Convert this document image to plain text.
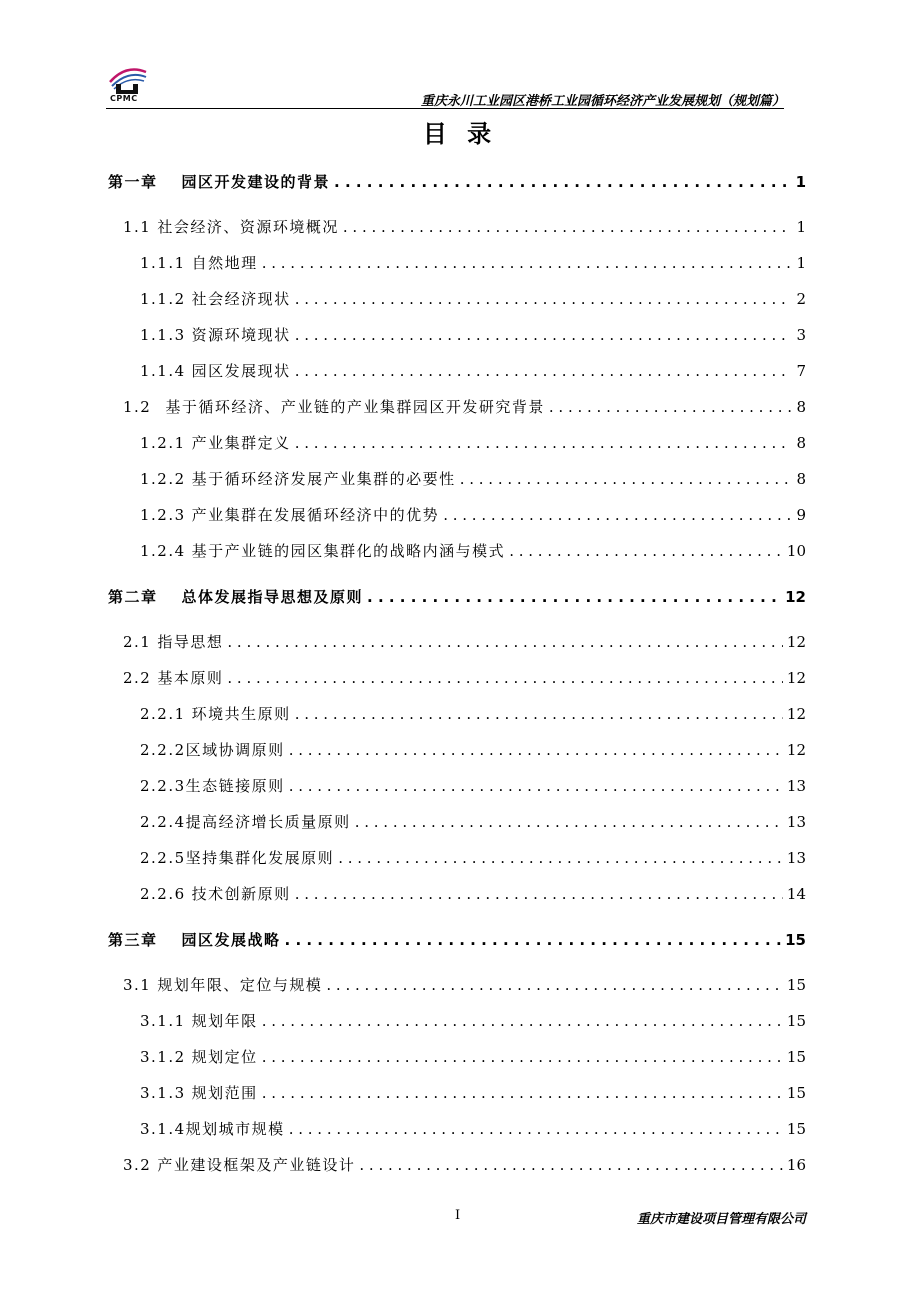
CPMC	重庆永川工业园区港桥工业园循环经济产业发展规划（规划篇）
目 录
第一章 园区开发建设的背景 . . .	1
1.1 社会经济、资源环境概况 . . .	1
1.1.1 自然地理 . . .	1
1.1.2 社会经济现状 . . .	2
1.1.3 资源环境现状 . . .	3
1.1.4 园区发展现状 . . .	7
1.2 基于循环经济、产业链的产业集群园区开发研究背景 . . .	8
1.2.1 产业集群定义 . . .	8
1.2.2 基于循环经济发展产业集群的必要性 . . .	8
1.2.3 产业集群在发展循环经济中的优势 . . .	9
1.2.4 基于产业链的园区集群化的战略内涵与模式 . . .	10
第二章 总体发展指导思想及原则 . . .	12
2.1 指导思想 . . .	12
2.2 基本原则 . . .	12
2.2.1 环境共生原则 . . .	12
2.2.2 区域协调原则 . . .	12
2.2.3 生态链接原则 . . .	13
2.2.4 提高经济增长质量原则 . . .	13
2.2.5 坚持集群化发展原则 . . .	13
2.2.6 技术创新原则 . . .	14
第三章 园区发展战略 . . .	15
3.1 规划年限、定位与规模 . . .	15
3.1.1 规划年限 . . .	15
3.1.2 规划定位 . . .	15
3.1.3 规划范围 . . .	15
3.1.4 规划城市规模 . . .	15
3.2 产业建设框架及产业链设计 . . .	16
I	重庆市建设项目管理有限公司
